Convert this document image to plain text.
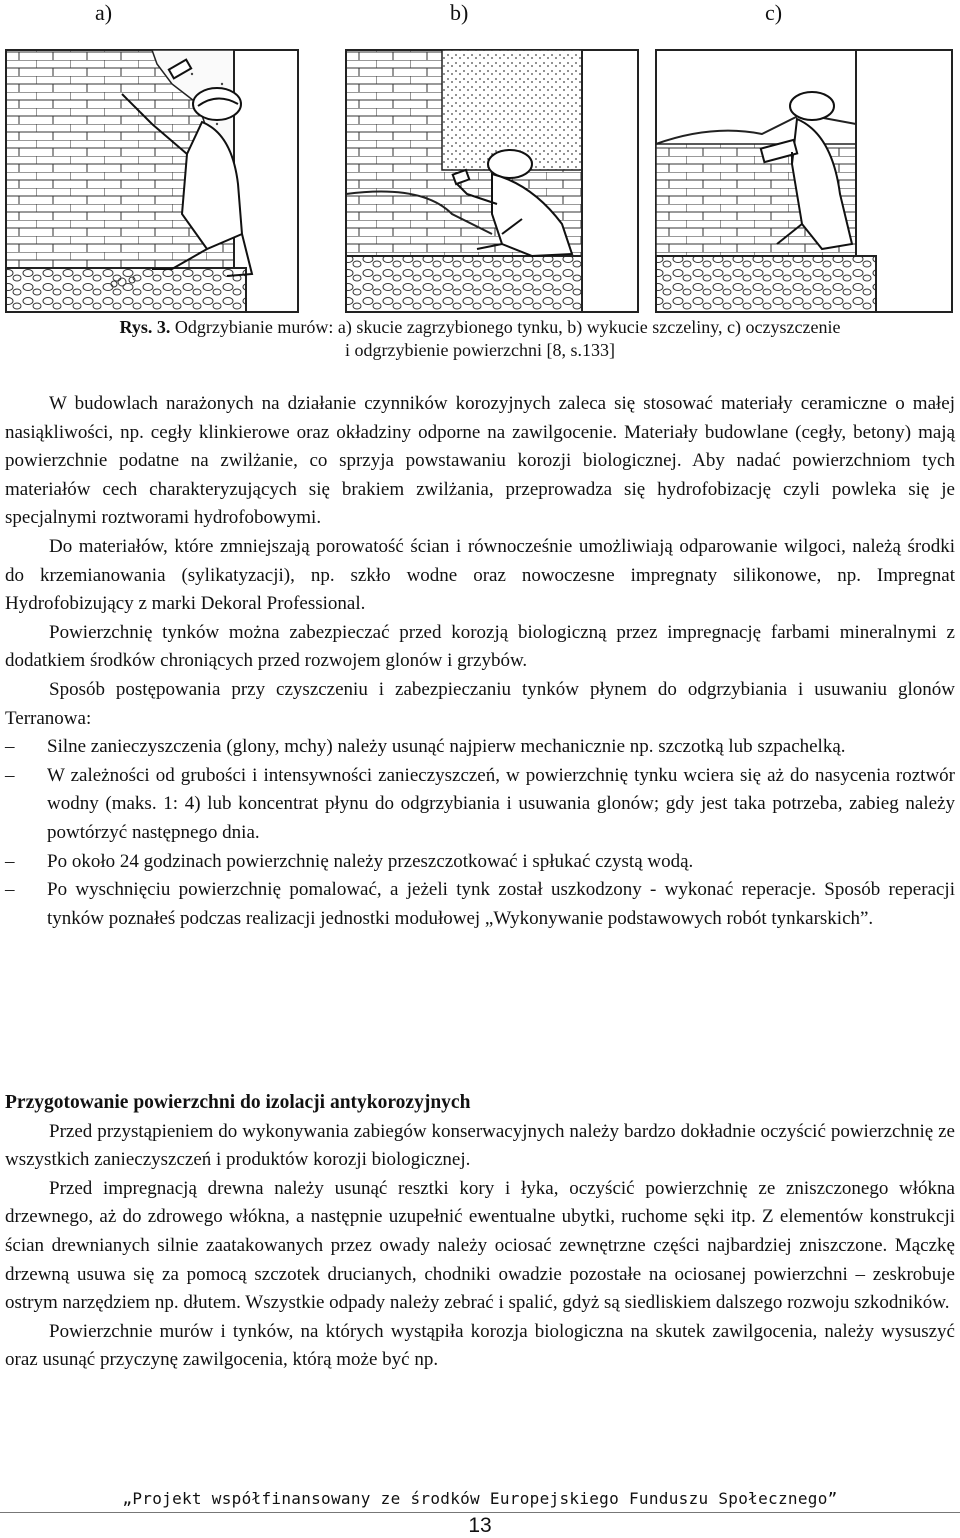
a)	b)	c)
Rys. 3. Odgrzybianie murów: a) skucie zagrzybionego tynku, b) wykucie szczeliny, c) oczyszczenie
i odgrzybienie powierzchni [8, s.133]

W budowlach narażonych na działanie czynników korozyjnych zaleca się stosować materiały ceramiczne o małej nasiąkliwości, np. cegły klinkierowe oraz okładziny odporne na zawilgocenie. Materiały budowlane (cegły, betony) mają powierzchnie podatne na zwilżanie, co sprzyja powstawaniu korozji biologicznej. Aby nadać powierzchniom tych materiałów cech charakteryzujących się brakiem zwilżania, przeprowadza się hydrofobizację czyli powleka się je specjalnymi roztworami hydrofobowymi.

Do materiałów, które zmniejszają porowatość ścian i równocześnie umożliwiają odparowanie wilgoci, należą środki do krzemianowania (sylikatyzacji), np. szkło wodne oraz nowoczesne impregnaty silikonowe, np. Impregnat Hydrofobizujący z marki Dekoral Professional.

Powierzchnię tynków można zabezpieczać przed korozją biologiczną przez impregnację farbami mineralnymi z dodatkiem środków chroniących przed rozwojem glonów i grzybów.

Sposób postępowania przy czyszczeniu i zabezpieczaniu tynków płynem do odgrzybiania i usuwaniu glonów Terranowa:

– Silne zanieczyszczenia (glony, mchy) należy usunąć najpierw mechanicznie np. szczotką lub szpachelką.
– W zależności od grubości i intensywności zanieczyszczeń, w powierzchnię tynku wciera się aż do nasycenia roztwór wodny (maks. 1: 4) lub koncentrat płynu do odgrzybiania i usuwania glonów; gdy jest taka potrzeba, zabieg należy powtórzyć następnego dnia.
– Po około 24 godzinach powierzchnię należy przeszczotkować i spłukać czystą wodą.
– Po wyschnięciu powierzchnię pomalować, a jeżeli tynk został uszkodzony - wykonać reperacje. Sposób reperacji tynków poznałeś podczas realizacji jednostki modułowej „Wykonywanie podstawowych robót tynkarskich”.
Przygotowanie powierzchni do izolacji antykorozyjnych

Przed przystąpieniem do wykonywania zabiegów konserwacyjnych należy bardzo dokładnie oczyścić powierzchnię ze wszystkich zanieczyszczeń i produktów korozji biologicznej.

Przed impregnacją drewna należy usunąć resztki kory i łyka, oczyścić powierzchnię ze zniszczonego włókna drzewnego, aż do zdrowego włókna, a następnie uzupełnić ewentualne ubytki, ruchome sęki itp. Z elementów konstrukcji ścian drewnianych silnie zaatakowanych przez owady należy ociosać zewnętrzne części najbardziej zniszczone. Mączkę drzewną usuwa się za pomocą szczotek drucianych, chodniki owadzie pozostałe na ociosanej powierzchni – zeskrobuje ostrym narzędziem np. dłutem. Wszystkie odpady należy zebrać i spalić, gdyż są siedliskiem dalszego rozwoju szkodników.

Powierzchnie murów i tynków, na których wystąpiła korozja biologiczna na skutek zawilgocenia, należy wysuszyć oraz usunąć przyczynę zawilgocenia, którą może być np.

„Projekt współfinansowany ze środków Europejskiego Funduszu Społecznego”
13
